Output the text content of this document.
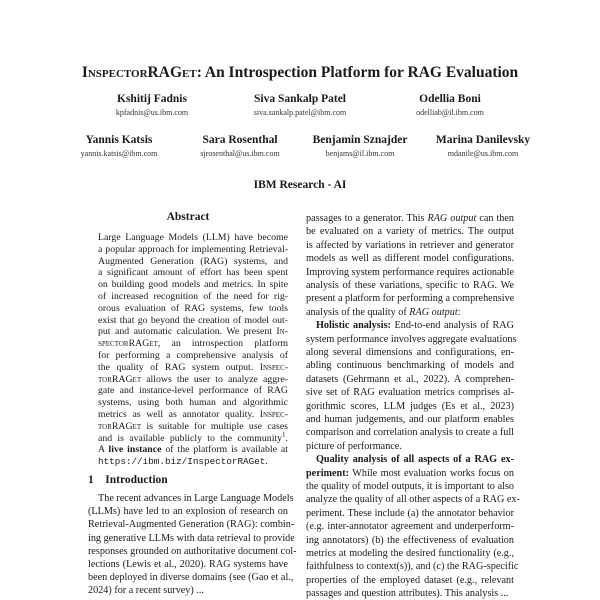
InspectorRAGet: An Introspection Platform for RAG Evaluation
Kshitij Fadnis
kpfadnis@us.ibm.com
Siva Sankalp Patel
siva.sankalp.patel@ibm.com
Odellia Boni
odelliab@il.ibm.com
Yannis Katsis
yannis.katsis@ibm.com
Sara Rosenthal
sjrosenthal@us.ibm.com
Benjamin Sznajder
benjams@il.ibm.com
Marina Danilevsky
mdanile@us.ibm.com
IBM Research - AI
Abstract
1 Introduction
Large Language Models (LLM) have become
a popular approach for implementing Retrieval-
Augmented Generation (RAG) systems, and
a significant amount of effort has been spent
on building good models and metrics. In spite
of increased recognition of the need for rig-
orous evaluation of RAG systems, few tools
exist that go beyond the creation of model out-
put and automatic calculation. We present In-
spectorRAGet, an introspection platform
for performing a comprehensive analysis of
the quality of RAG system output. Inspec-
torRAGet allows the user to analyze aggre-
gate and instance-level performance of RAG
systems, using both human and algorithmic
metrics as well as annotator quality. Inspec-
torRAGet is suitable for multiple use cases
and is available publicly to the community$^1$.
A live instance of the platform is available at
https://ibm.biz/InspectorRAGet.
The recent advances in Large Language Models
(LLMs) have led to an explosion of research on
Retrieval-Augmented Generation (RAG): combin-
ing generative LLMs with data retrieval to provide
responses grounded on authoritative document col-
lections (Lewis et al., 2020). RAG systems have
been deployed in diverse domains (see (Gao et al.,
2024) for a recent survey) ...
passages to a generator. This RAG output can then
be evaluated on a variety of metrics. The output
is affected by variations in retriever and generator
models as well as different model configurations.
Improving system performance requires actionable
analysis of these variations, specific to RAG. We
present a platform for performing a comprehensive
analysis of the quality of RAG output:
Holistic analysis: End-to-end analysis of RAG
system performance involves aggregate evaluations
along several dimensions and configurations, en-
abling continuous benchmarking of models and
datasets (Gehrmann et al., 2022). A comprehen-
sive set of RAG evaluation metrics comprises al-
gorithmic scores, LLM judges (Es et al., 2023)
and human judgements, and our platform enables
comparison and correlation analysis to create a full
picture of performance.
Quality analysis of all aspects of a RAG ex-
periment: While most evaluation works focus on
the quality of model outputs, it is important to also
analyze the quality of all other aspects of a RAG ex-
periment. These include (a) the annotator behavior
(e.g. inter-annotator agreement and underperform-
ing annotators) (b) the effectiveness of evaluation
metrics at modeling the desired functionality (e.g.,
faithfulness to context(s)), and (c) the RAG-specific
properties of the employed dataset (e.g., relevant
passages and question attributes). This analysis ...
